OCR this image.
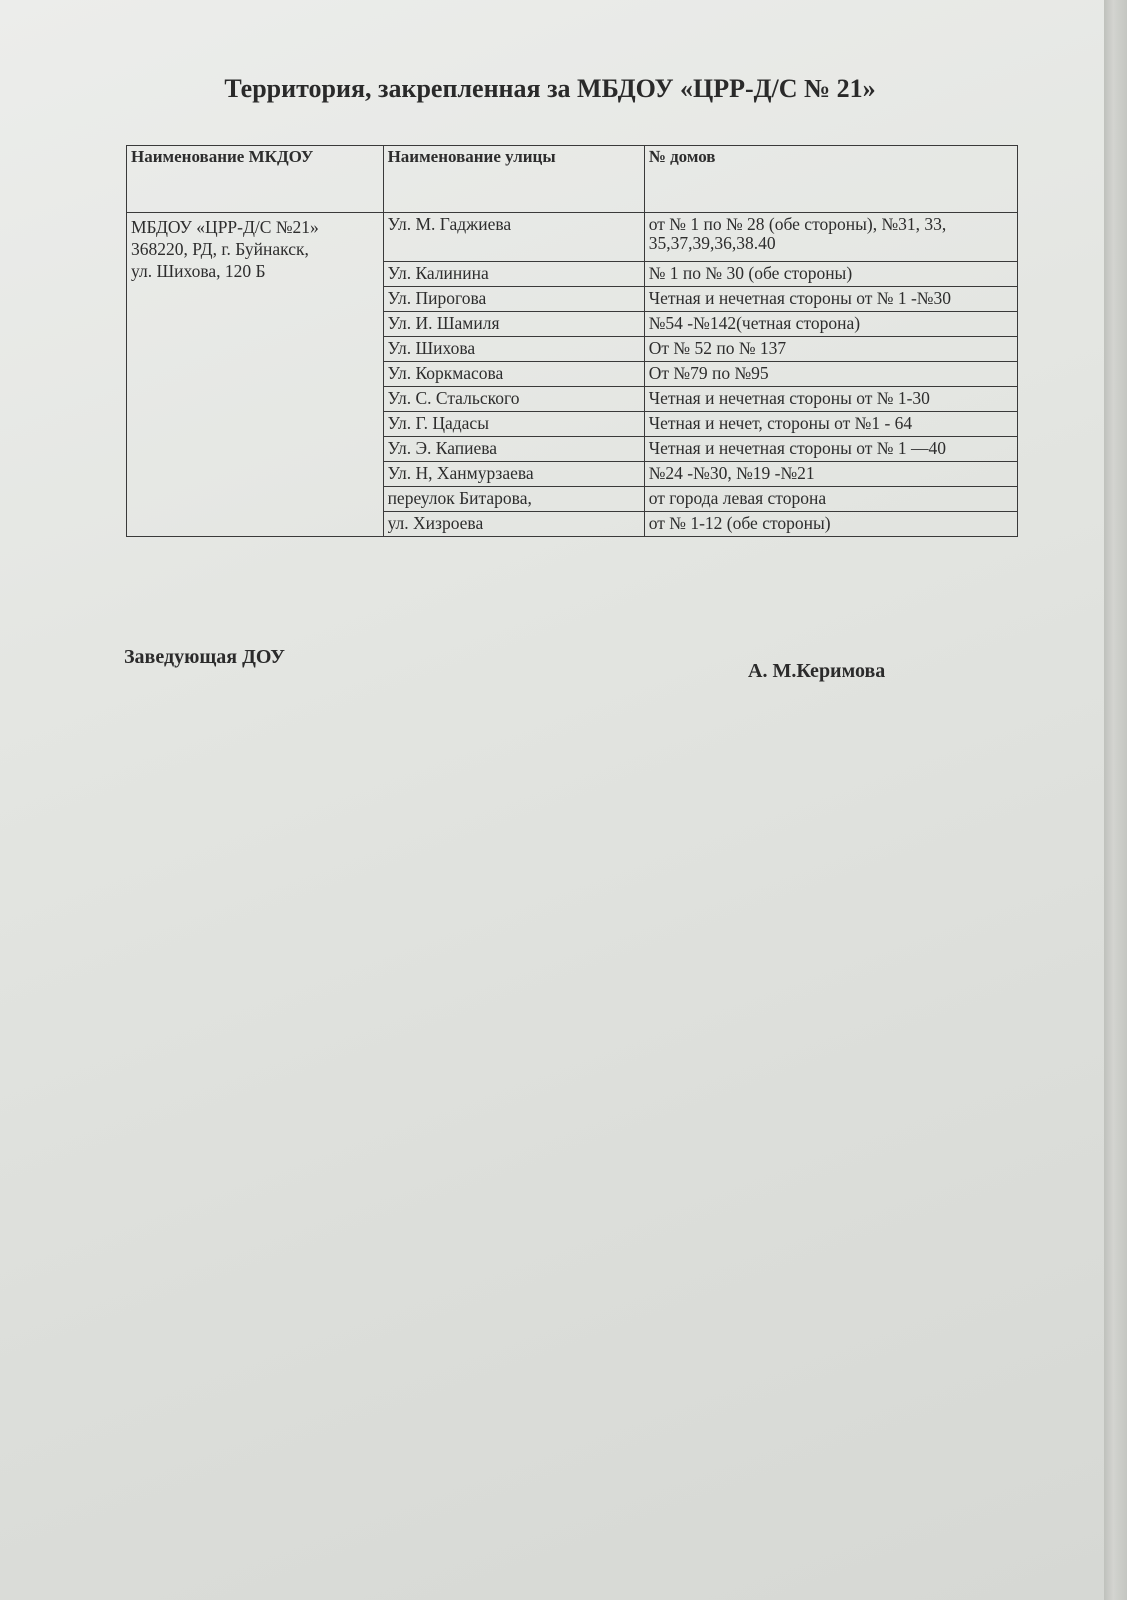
Территория, закрепленная за МБДОУ «ЦРР-Д/С № 21»
Наименование МКДОУ	Наименование улицы	№ домов

МБДОУ «ЦРР-Д/С №21»
368220, РД, г. Буйнакск,
ул. Шихова, 120 Б	Ул. М. Гаджиева	от № 1 по № 28 (обе стороны), №31, 33, 35,37,39,36,38.40
	Ул. Калинина	№ 1 по № 30 (обе стороны)
	Ул. Пирогова	Четная и нечетная стороны от № 1 -№30
	Ул. И. Шамиля	№54 -№142(четная сторона)
	Ул. Шихова	От № 52 по № 137
	Ул. Коркмасова	От №79 по №95
	Ул. С. Стальского	Четная и нечетная стороны от № 1-30
	Ул. Г. Цадасы	Четная и нечет, стороны от №1 - 64
	Ул. Э. Капиева	Четная и нечетная стороны от № 1 —40
	Ул. Н, Ханмурзаева	№24 -№30, №19 -№21
	переулок Битарова,	от города левая сторона
	ул. Хизроева	от № 1-12 (обе стороны)

Заведующая ДОУ

А. М.Керимова
